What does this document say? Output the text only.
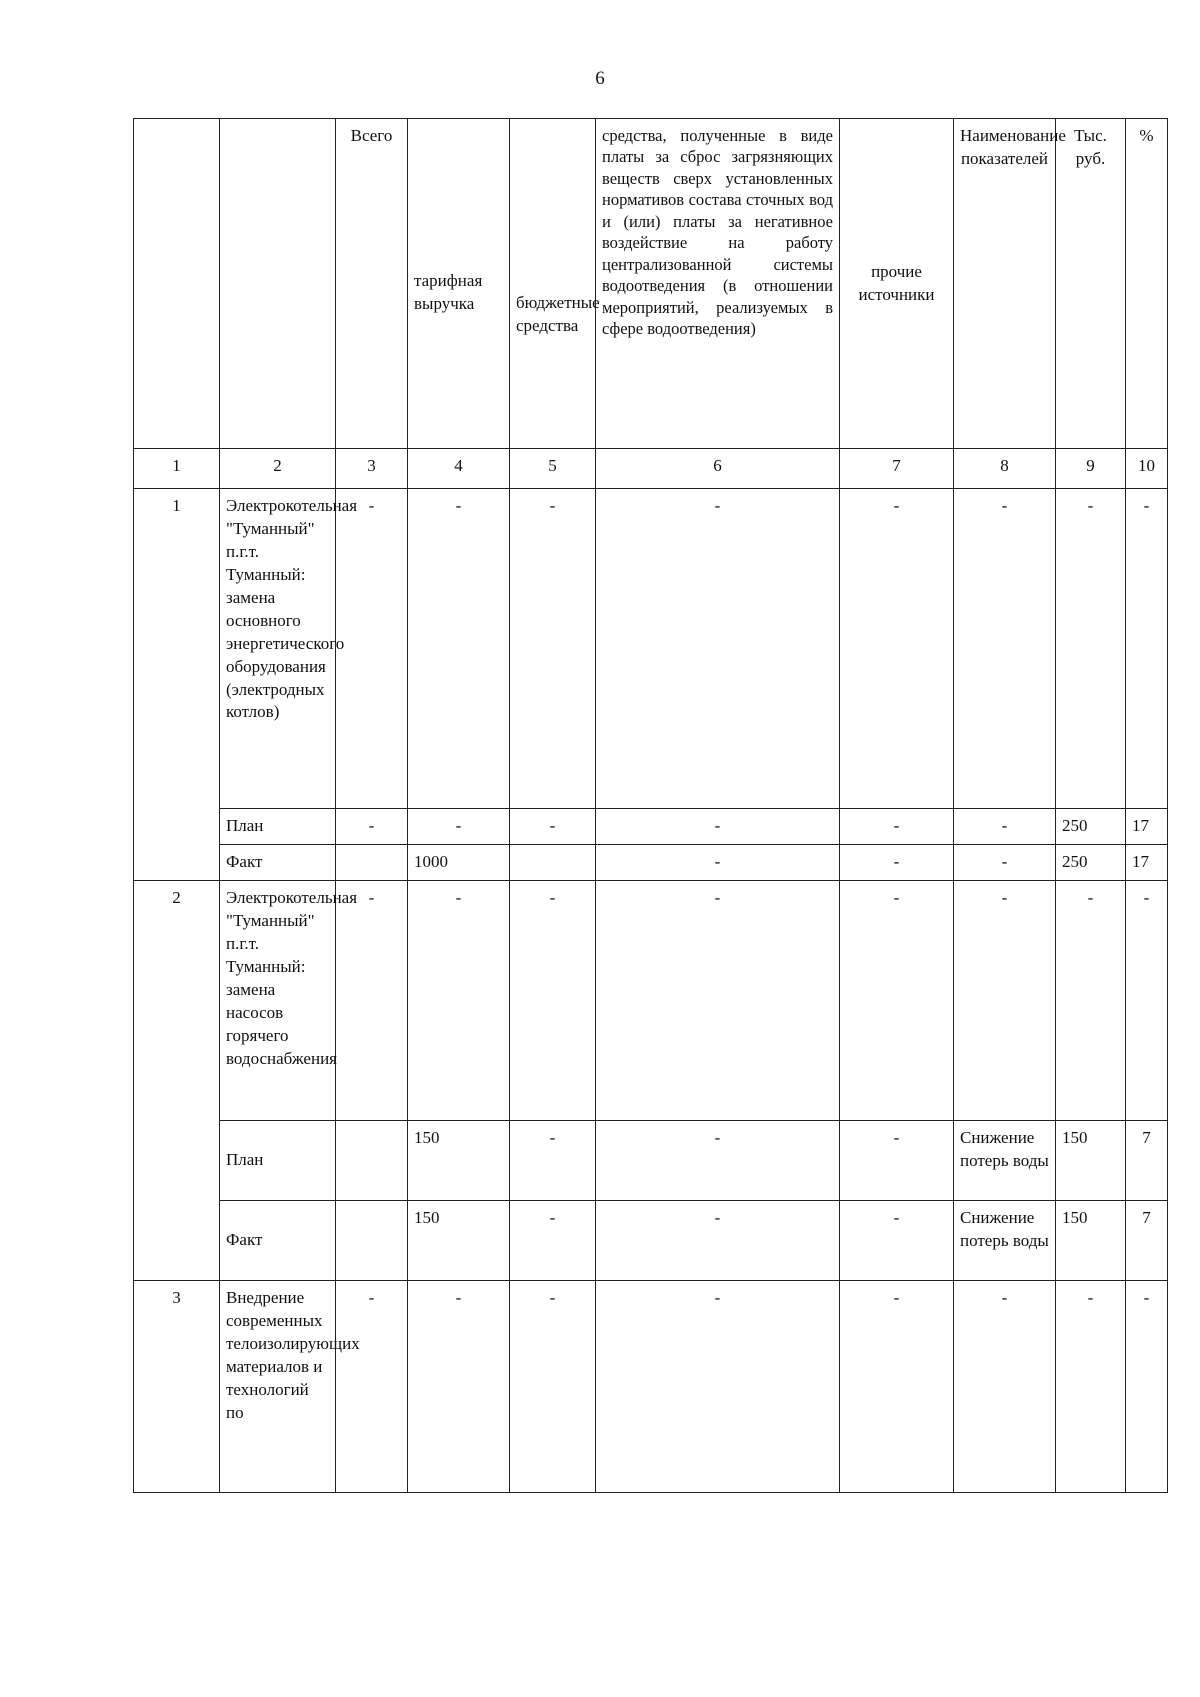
6
		Всего	тарифная выручка	бюджетные средства	средства, полученные в виде платы за сброс загрязняющих веществ сверх установленных нормативов состава сточных вод и (или) платы за негативное воздействие на работу централизованной системы водоотведения (в отношении мероприятий, реализуемых в сфере водоотведения)	прочие источники	Наименование показателей	Тыс. руб.	%
1	2	3	4	5	6	7	8	9	10
1	Электрокотельная "Туманный" п.г.т. Туманный: замена основного энергетического оборудования (электродных котлов)	-	-	-	-	-	-	-	-
	План	-	-	-	-	-	-	250	17
	Факт		1000		-	-	-	250	17
2	Электрокотельная "Туманный" п.г.т. Туманный: замена насосов горячего водоснабжения	-	-	-	-	-	-	-	-
	План		150	-	-	-	Снижение потерь воды	150	7
	Факт		150	-	-	-	Снижение потерь воды	150	7
3	Внедрение современных телоизолирующих материалов и технологий по	-	-	-	-	-	-	-	-
